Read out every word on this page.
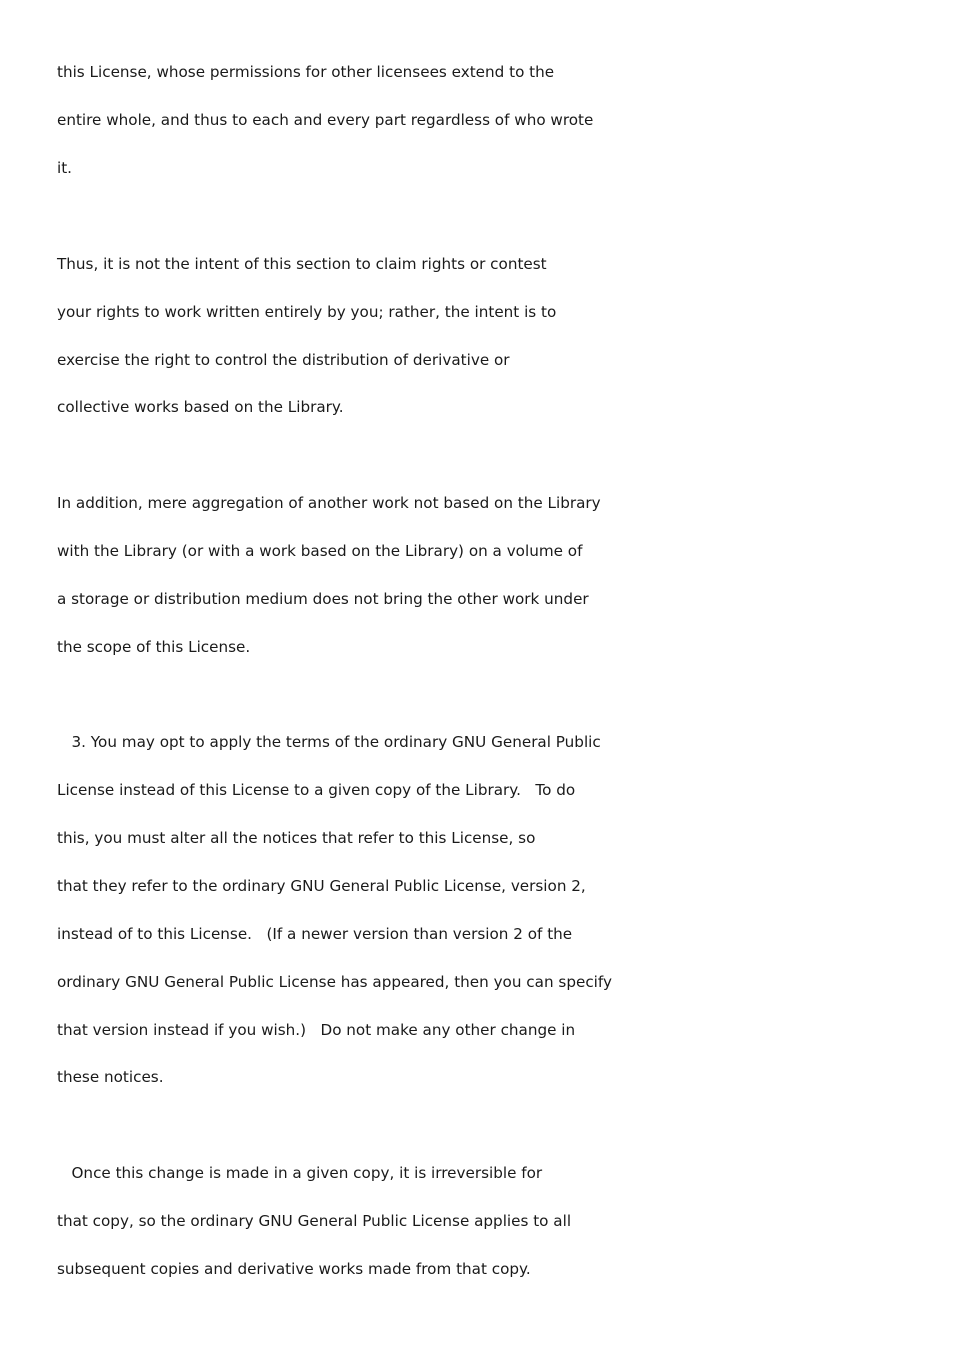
this License, whose permissions for other licensees extend to the
entire whole, and thus to each and every part regardless of who wrote
it.
Thus, it is not the intent of this section to claim rights or contest
your rights to work written entirely by you; rather, the intent is to
exercise the right to control the distribution of derivative or
collective works based on the Library.
In addition, mere aggregation of another work not based on the Library
with the Library (or with a work based on the Library) on a volume of
a storage or distribution medium does not bring the other work under
the scope of this License.
3. You may opt to apply the terms of the ordinary GNU General Public
License instead of this License to a given copy of the Library.   To do
this, you must alter all the notices that refer to this License, so
that they refer to the ordinary GNU General Public License, version 2,
instead of to this License.   (If a newer version than version 2 of the
ordinary GNU General Public License has appeared, then you can specify
that version instead if you wish.)   Do not make any other change in
these notices.
Once this change is made in a given copy, it is irreversible for
that copy, so the ordinary GNU General Public License applies to all
subsequent copies and derivative works made from that copy.
